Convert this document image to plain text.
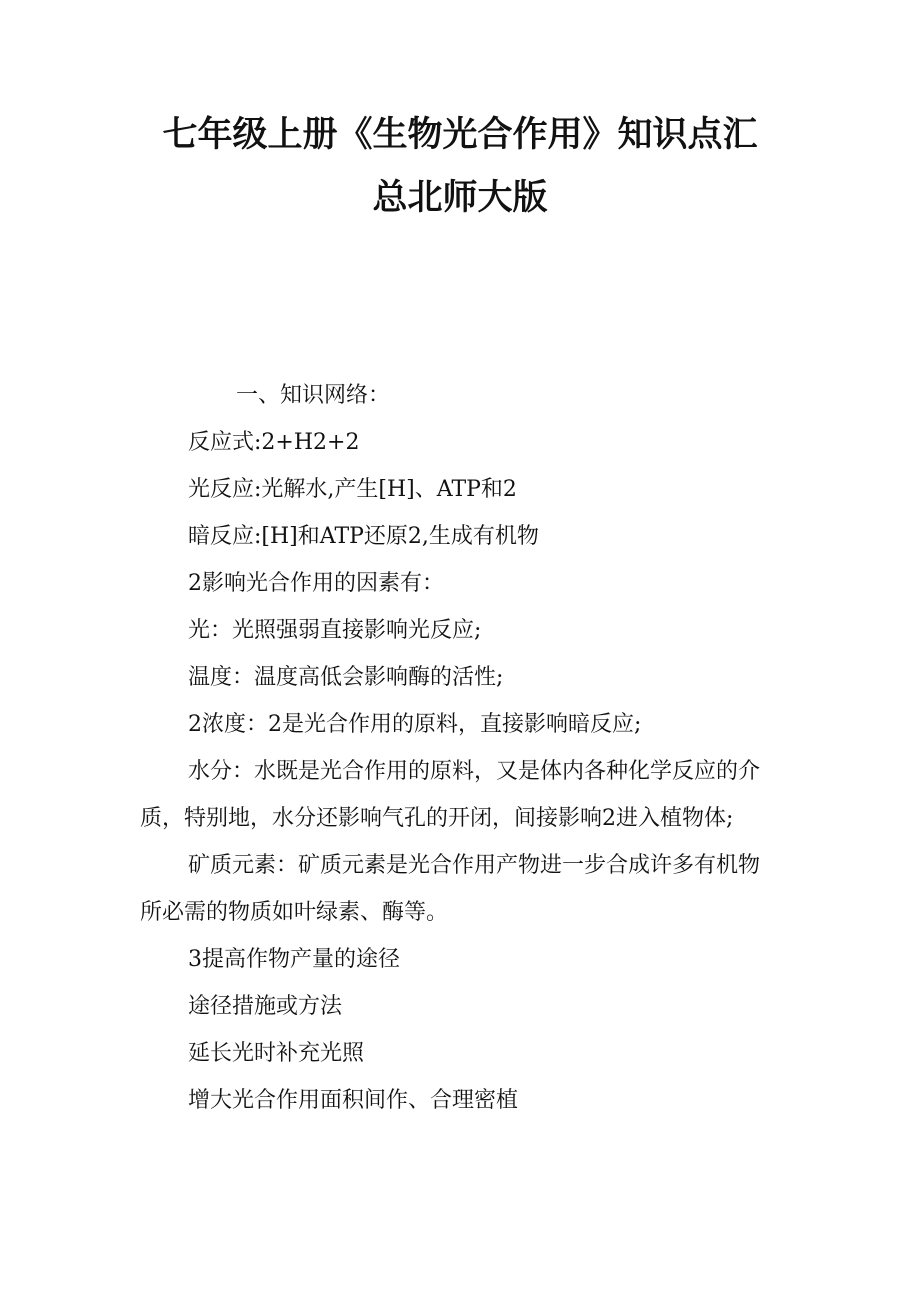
七年级上册《生物光合作用》知识点汇
总北师大版

一、知识网络：

反应式:2+H2+2

光反应:光解水,产生[H]、ATP和2

暗反应:[H]和ATP还原2,生成有机物

2影响光合作用的因素有：

光：光照强弱直接影响光反应;

温度：温度高低会影响酶的活性;

2浓度：2是光合作用的原料，直接影响暗反应;

水分：水既是光合作用的原料，又是体内各种化学反应的介质，特别地，水分还影响气孔的开闭，间接影响2进入植物体;

矿质元素：矿质元素是光合作用产物进一步合成许多有机物所必需的物质如叶绿素、酶等。

3提高作物产量的途径

途径措施或方法

延长光时补充光照

增大光合作用面积间作、合理密植
